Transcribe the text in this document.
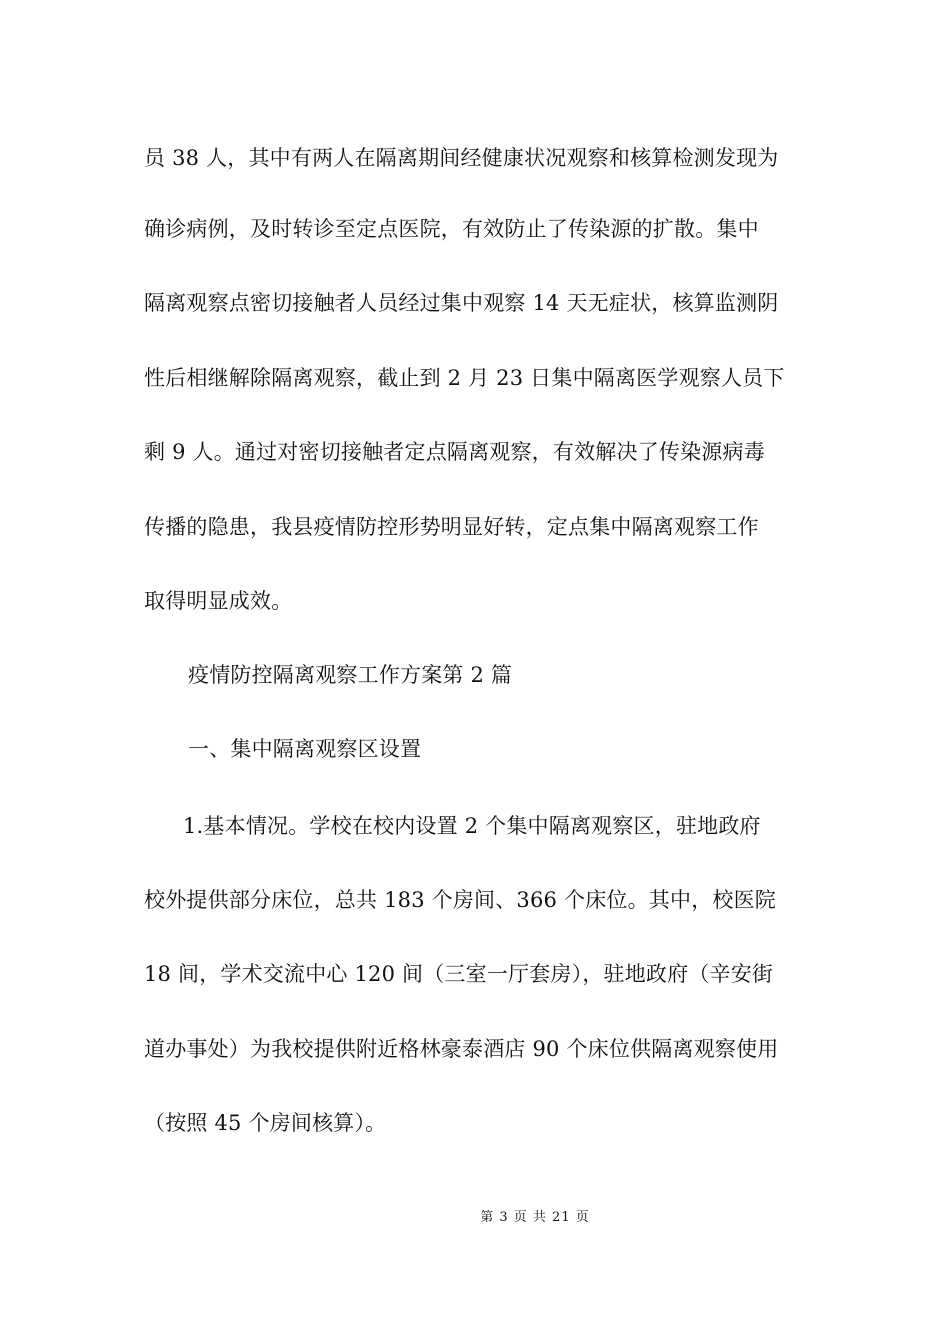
员 38 人，其中有两人在隔离期间经健康状况观察和核算检测发现为
确诊病例，及时转诊至定点医院，有效防止了传染源的扩散。集中
隔离观察点密切接触者人员经过集中观察 14 天无症状，核算监测阴
性后相继解除隔离观察，截止到 2 月 23 日集中隔离医学观察人员下
剩 9 人。通过对密切接触者定点隔离观察，有效解决了传染源病毒
传播的隐患，我县疫情防控形势明显好转，定点集中隔离观察工作
取得明显成效。
疫情防控隔离观察工作方案第 2 篇
一、集中隔离观察区设置
1.基本情况。学校在校内设置 2 个集中隔离观察区，驻地政府
校外提供部分床位，总共 183 个房间、366 个床位。其中，校医院
18 间，学术交流中心 120 间（三室一厅套房），驻地政府（辛安街
道办事处）为我校提供附近格林豪泰酒店 90 个床位供隔离观察使用
（按照 45 个房间核算）。
第 3 页 共 21 页
